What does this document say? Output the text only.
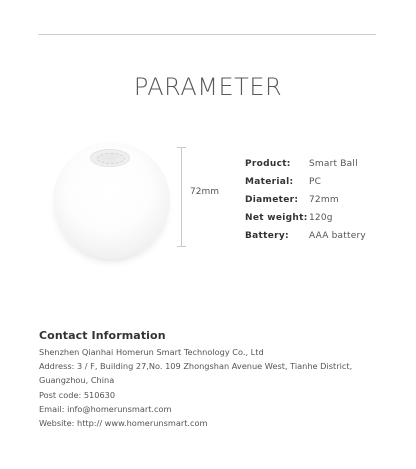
PARAMETER
72mm
Product:	Smart Ball
Material:	PC
Diameter:	72mm
Net weight: 120g
Battery:	AAA battery
Contact Information
Shenzhen Qianhai Homerun Smart Technology Co., Ltd
Address: 3 / F, Building 27,No. 109 Zhongshan Avenue West, Tianhe District,
Guangzhou, China
Post code: 510630
Email: info@homerunsmart.com
Website: http:// www.homerunsmart.com
